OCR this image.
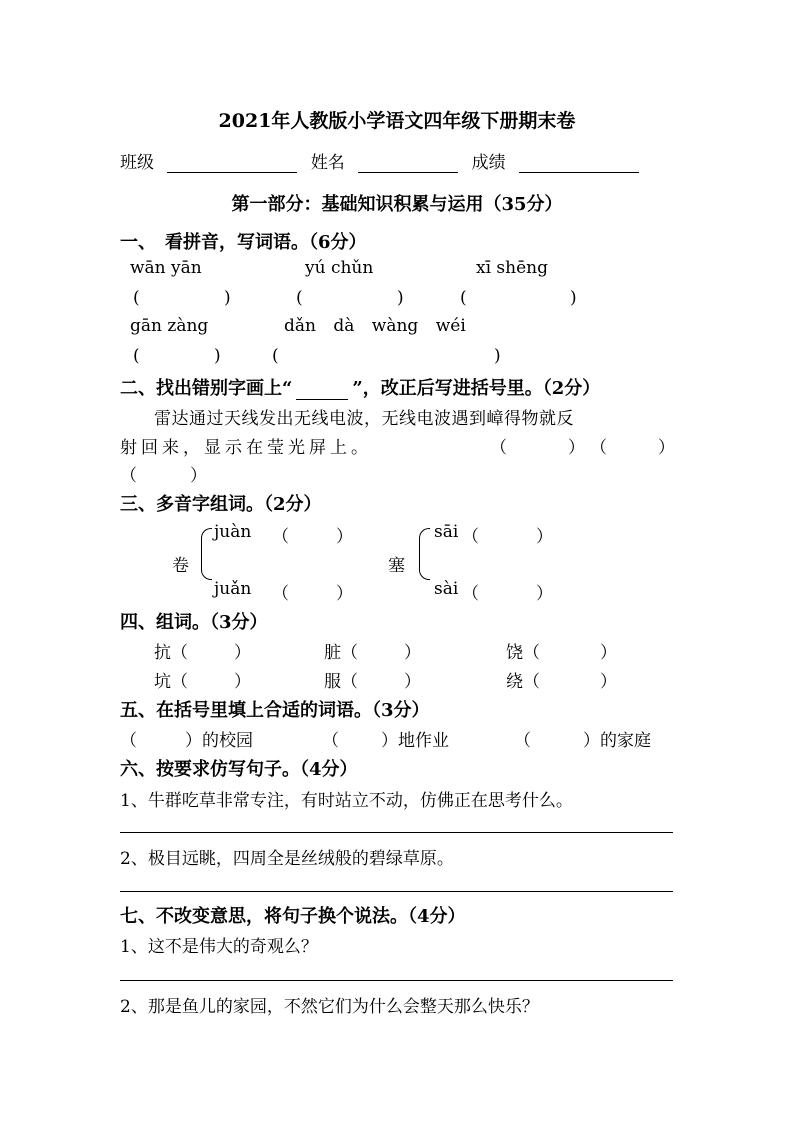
2021年人教版小学语文四年级下册期末卷
班级	姓名	成绩
第一部分：基础知识积累与运用（35分）
一、　看拼音，写词语。（6分）
wān yān	yú chǔn	xī shēng
(	)	(	)	(	)
gān zàng	dǎn dà wàng wéi
(	)	(	)
二、找出错别字画上“	”，改正后写进括号里。（2分）
雷达通过天线发出无线电波，无线电波遇到嶂得物就反
射回来，显示在莹光屏上。	（	） （	）
（	）
三、多音字组词。（2分）
卷
juàn （	）
juǎn （	）
塞
sāi （	）
sài （	）
四、组词。（3分）
抗（	）	脏（	）	饶（	）
坑（	）	服（	）	绕（	）
五、在括号里填上合适的词语。（3分）
（	）的校园	（ ）地作业	（	）的家庭
六、按要求仿写句子。（4分）
1、牛群吃草非常专注，有时站立不动，仿佛正在思考什么。
2、极目远眺，四周全是丝绒般的碧绿草原。
七、不改变意思，将句子换个说法。（4分）
1、这不是伟大的奇观么？
2、那是鱼儿的家园，不然它们为什么会整天那么快乐？
